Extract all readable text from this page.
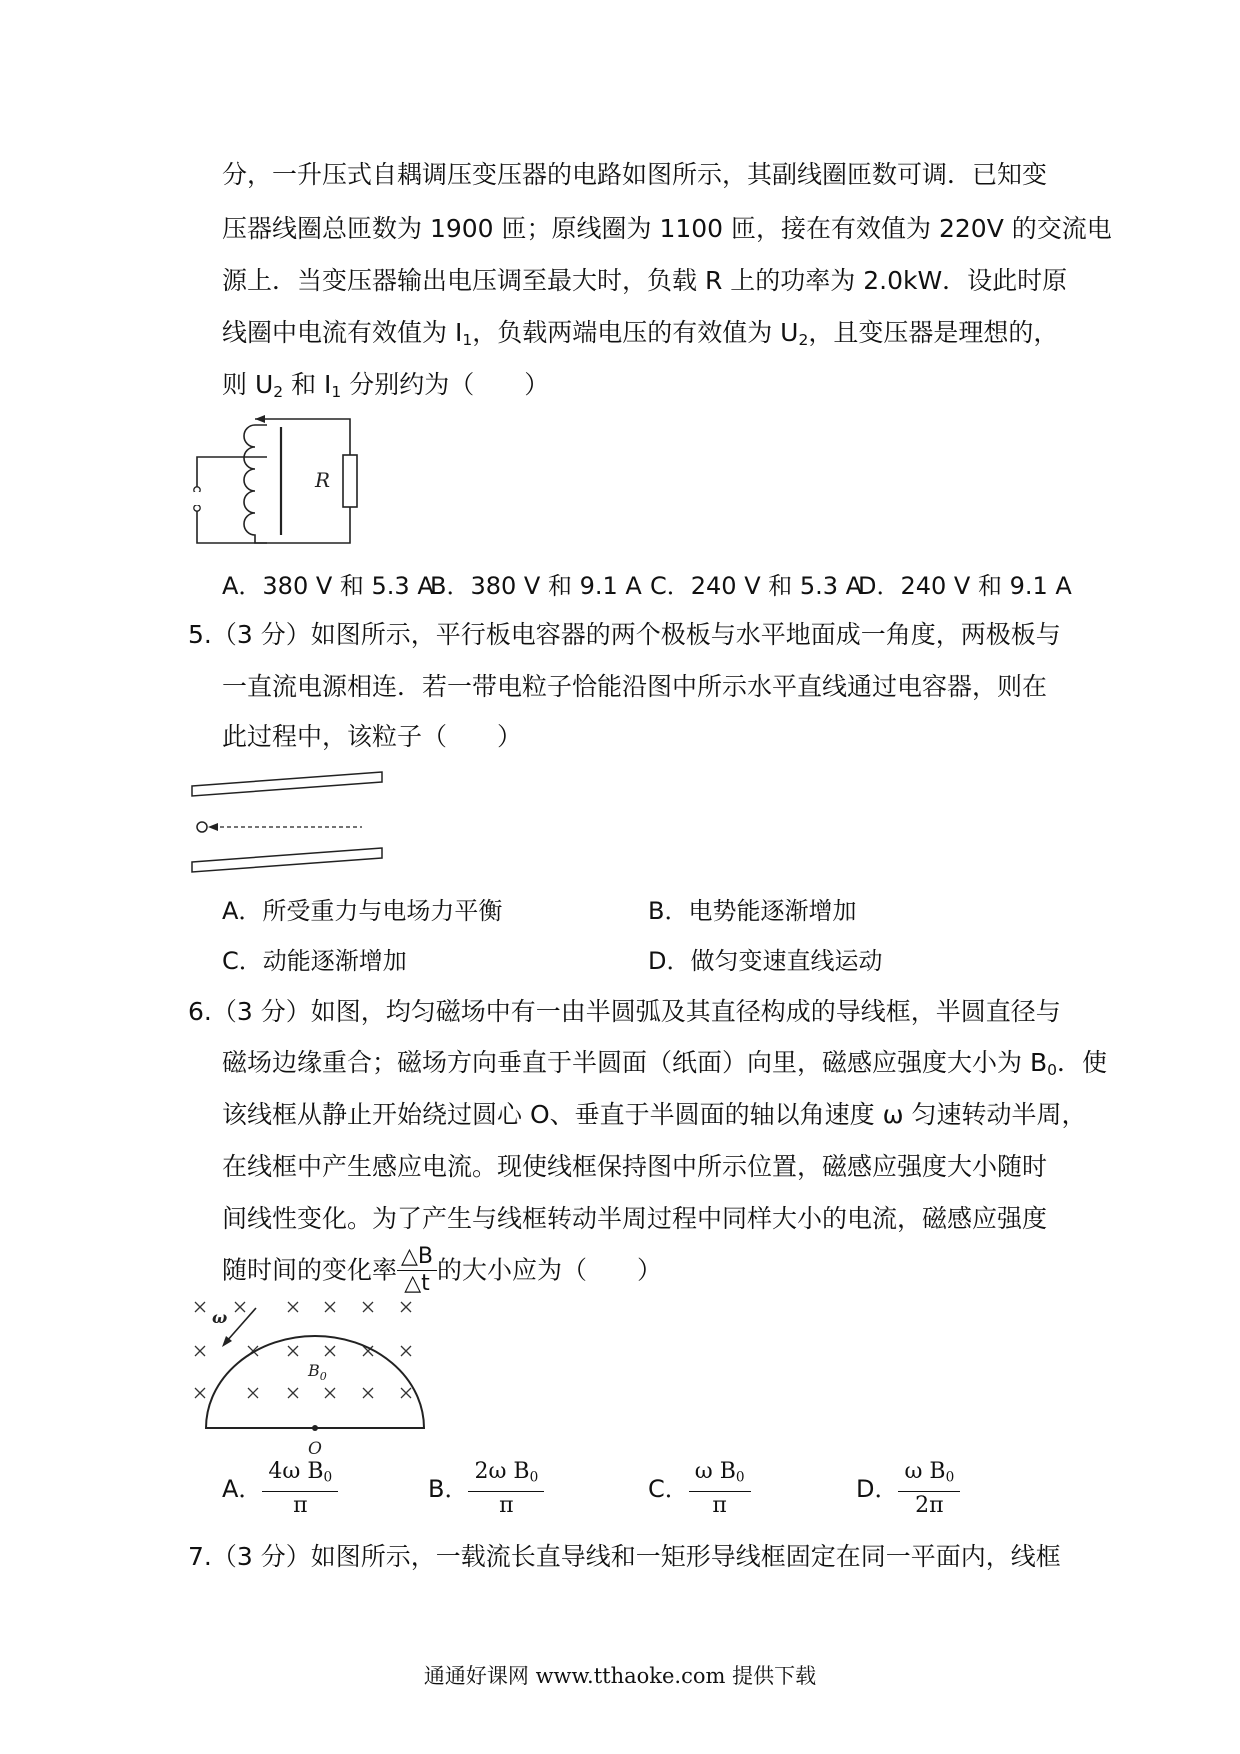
分，一升压式自耦调压变压器的电路如图所示，其副线圈匝数可调．已知变
压器线圈总匝数为 1900 匝；原线圈为 1100 匝，接在有效值为 220V 的交流电
源上．当变压器输出电压调至最大时，负载 R 上的功率为 2.0kW．设此时原
线圈中电流有效值为 $I_1$，负载两端电压的有效值为 $U_2$，且变压器是理想的，
则 $U_2$ 和 $I_1$ 分别约为（　　）
R
A．380 V 和 5.3 A
B．380 V 和 9.1 A C．240 V 和 5.3 A
D．240 V 和 9.1 A
5.（3 分）如图所示，平行板电容器的两个极板与水平地面成一角度，两极板与
一直流电源相连．若一带电粒子恰能沿图中所示水平直线通过电容器，则在
此过程中，该粒子（　　）
A．所受重力与电场力平衡	B．电势能逐渐增加
C．动能逐渐增加	D．做匀变速直线运动
6.（3 分）如图，均匀磁场中有一由半圆弧及其直径构成的导线框，半圆直径与
磁场边缘重合；磁场方向垂直于半圆面（纸面）向里，磁感应强度大小为 $B_0$．使
该线框从静止开始绕过圆心 O、垂直于半圆面的轴以角速度 ω 匀速转动半周，
在线框中产生感应电流。现使线框保持图中所示位置，磁感应强度大小随时
间线性变化。为了产生与线框转动半周过程中同样大小的电流，磁感应强度
随时间的变化率 $\frac{\triangle B}{\triangle t}$ 的大小应为（　　）
ω
$B_0$
O
A． $\frac{4\omega B_0}{\pi}$	B． $\frac{2\omega B_0}{\pi}$	C． $\frac{\omega B_0}{\pi}$	D． $\frac{\omega B_0}{2\pi}$
7.（3 分）如图所示，一载流长直导线和一矩形导线框固定在同一平面内，线框
通通好课网 www.tthaoke.com 提供下载
